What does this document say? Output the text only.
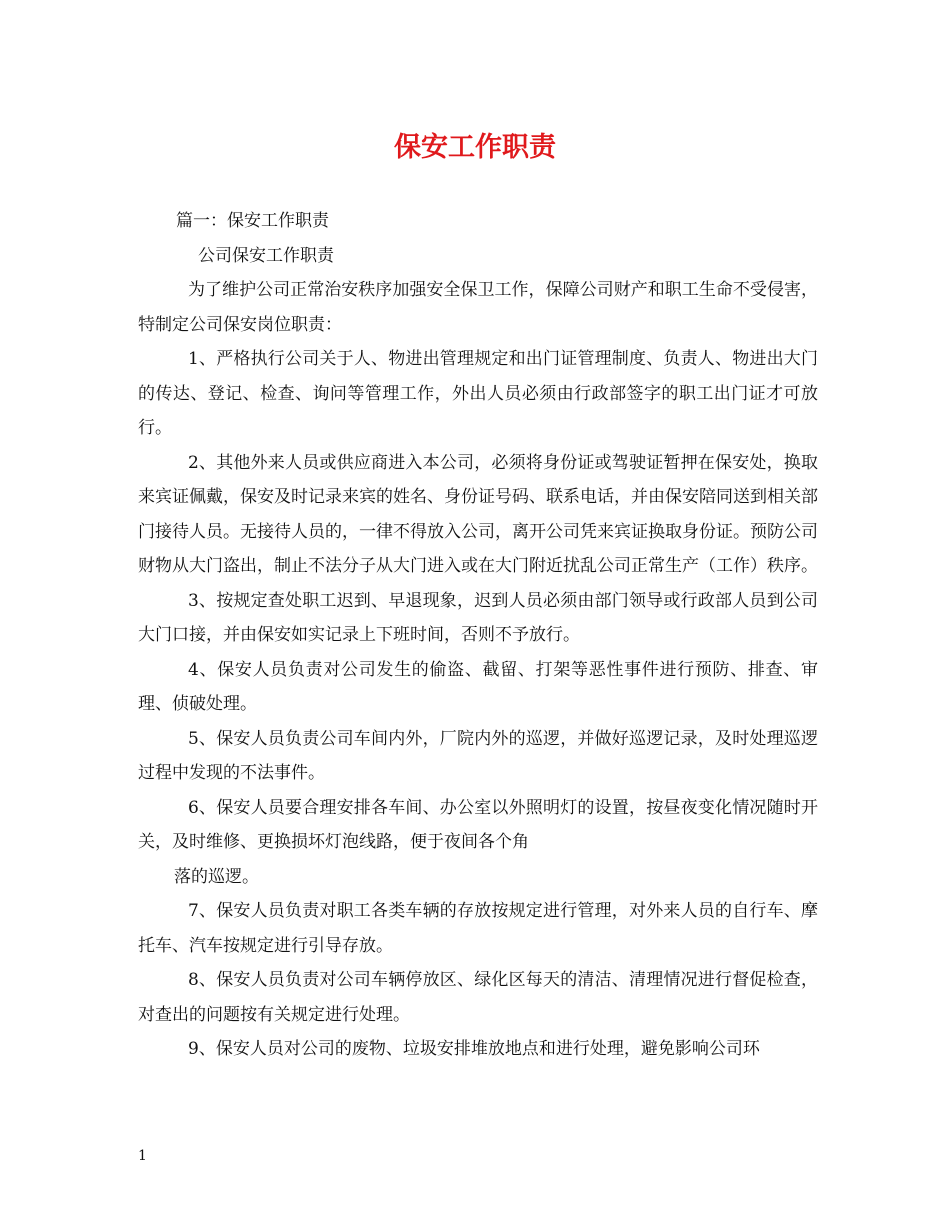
保安工作职责

篇一：保安工作职责

公司保安工作职责

为了维护公司正常治安秩序加强安全保卫工作，保障公司财产和职工生命不受侵害，特制定公司保安岗位职责：

1、严格执行公司关于人、物进出管理规定和出门证管理制度、负责人、物进出大门的传达、登记、检查、询问等管理工作，外出人员必须由行政部签字的职工出门证才可放行。

2、其他外来人员或供应商进入本公司，必须将身份证或驾驶证暂押在保安处，换取来宾证佩戴，保安及时记录来宾的姓名、身份证号码、联系电话，并由保安陪同送到相关部门接待人员。无接待人员的，一律不得放入公司，离开公司凭来宾证换取身份证。预防公司财物从大门盗出，制止不法分子从大门进入或在大门附近扰乱公司正常生产（工作）秩序。

3、按规定查处职工迟到、早退现象，迟到人员必须由部门领导或行政部人员到公司大门口接，并由保安如实记录上下班时间，否则不予放行。

4、保安人员负责对公司发生的偷盗、截留、打架等恶性事件进行预防、排查、审理、侦破处理。

5、保安人员负责公司车间内外，厂院内外的巡逻，并做好巡逻记录，及时处理巡逻过程中发现的不法事件。

6、保安人员要合理安排各车间、办公室以外照明灯的设置，按昼夜变化情况随时开关，及时维修、更换损坏灯泡线路，便于夜间各个角

落的巡逻。

7、保安人员负责对职工各类车辆的存放按规定进行管理，对外来人员的自行车、摩托车、汽车按规定进行引导存放。

8、保安人员负责对公司车辆停放区、绿化区每天的清洁、清理情况进行督促检查，对查出的问题按有关规定进行处理。

9、保安人员对公司的废物、垃圾安排堆放地点和进行处理，避免影响公司环

1
